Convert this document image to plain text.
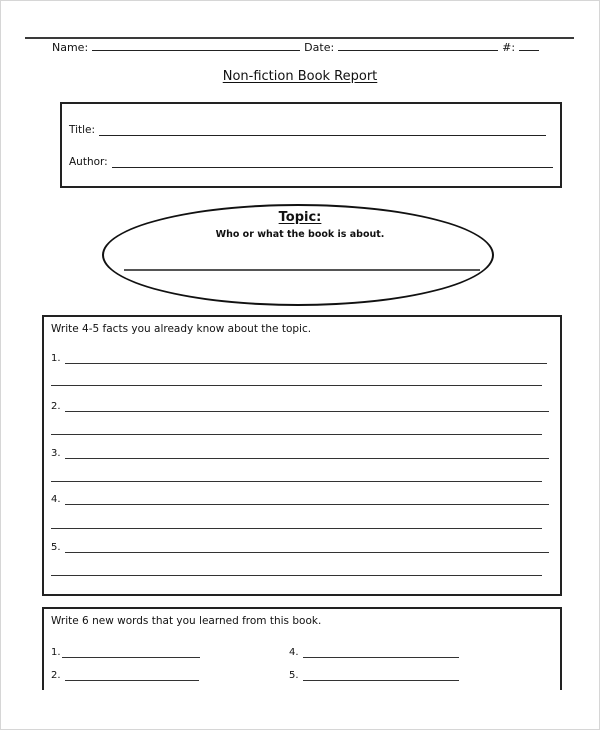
Name:	Date:	#:
Non-fiction Book Report
Title:
Author:
Topic:
Who or what the book is about.
Write 4-5 facts you already know about the topic.
1.
2.
3.
4.
5.
Write 6 new words that you learned from this book.
1.
2.
4.
5.
